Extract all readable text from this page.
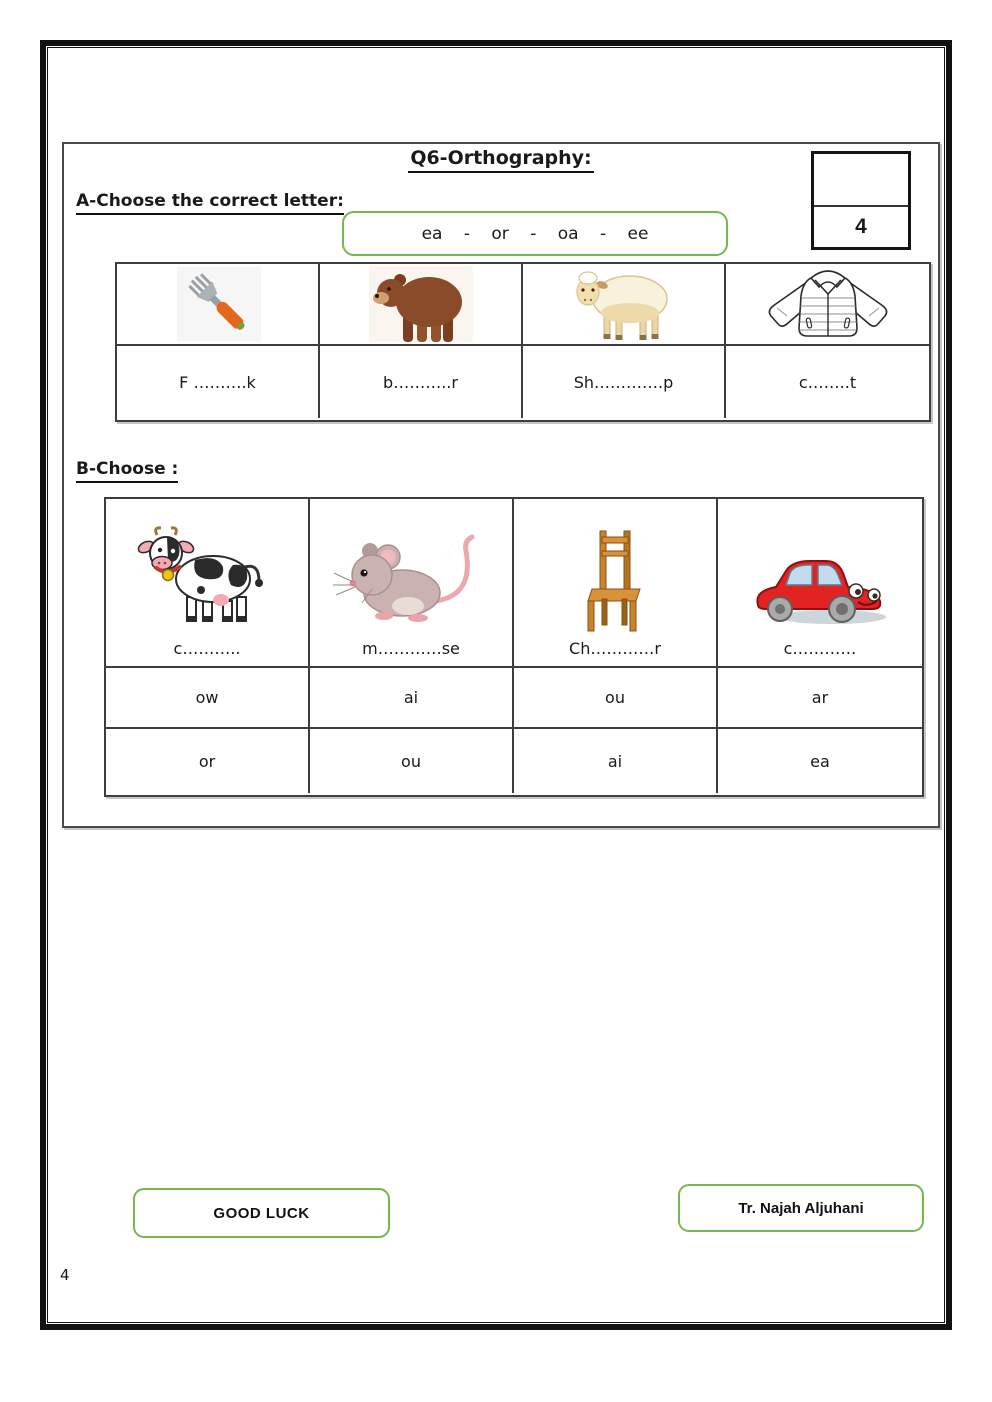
Q6-Orthography:
4
A-Choose the correct letter:
ea - or - oa - ee
F ……….k	b………..r	Sh………….p	c……..t
B-Choose :
c………..	m…………se	Ch…………r	c…………
ow	ai	ou	ar
or	ou	ai	ea
GOOD LUCK	Tr. Najah Aljuhani
4
